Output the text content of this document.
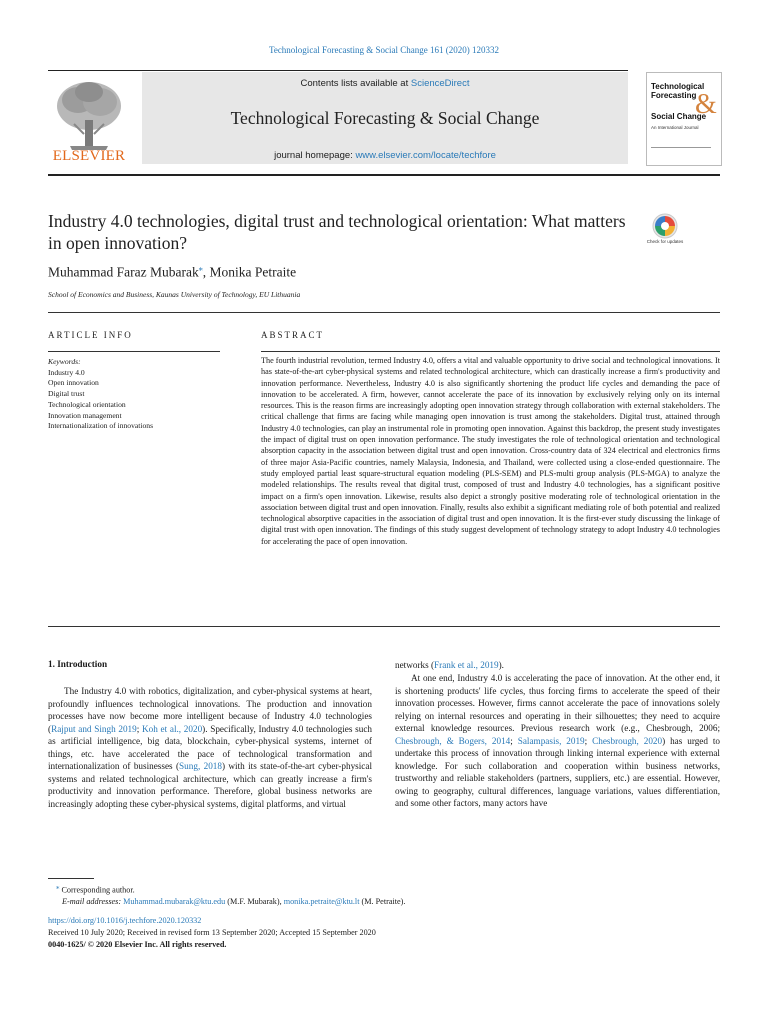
Technological Forecasting & Social Change 161 (2020) 120332
ELSEVIER
Contents lists available at ScienceDirect
Technological Forecasting & Social Change
journal homepage: www.elsevier.com/locate/techfore
Technological
Forecasting
&
Social Change
An International Journal
Industry 4.0 technologies, digital trust and technological orientation: What matters in open innovation?	Check for updates
Muhammad Faraz Mubarak⁎, Monika Petraite
School of Economics and Business, Kaunas University of Technology, EU Lithuania
ARTICLE INFO	ABSTRACT
Keywords:
Industry 4.0
Open innovation
Digital trust
Technological orientation
Innovation management
Internationalization of innovations

The fourth industrial revolution, termed Industry 4.0, offers a vital and valuable opportunity to drive social and technological innovations. It has state-of-the-art cyber-physical systems and related technological architecture, which can drastically increase a firm's productivity and innovation performance. Nevertheless, Industry 4.0 is also significantly shortening the product life cycles and demanding the pace of innovation to be accelerated. A firm, however, cannot accelerate the pace of its innovation by exclusively relying only on its internal resources. This is the reason firms are increasingly adopting open innovation strategy through collaboration with external stakeholders. The critical challenge that firms are facing while managing open innovation is trust among the stakeholders. Digital trust, attained through Industry 4.0 technologies, can play an instrumental role in promoting open innovation. Against this backdrop, the present study investigates the impact of digital trust on open innovation performance. The study investigates the role of technological orientation and technological absorption capacity in the association between digital trust and open innovation. Cross-country data of 324 electrical and electronics firms of three major Asia-Pacific countries, namely Malaysia, Indonesia, and Thailand, were collected using a close-ended questionnaire. The study employed partial least square-structural equation modeling (PLS-SEM) and PLS-multi group analysis (PLS-MGA) to analyze the modeled relationships. The results reveal that digital trust, composed of trust and Industry 4.0 technologies, has a significant positive impact on a firm's open innovation. Likewise, results also depict a strongly positive moderating role of technological orientation in the association between digital trust and open innovation. Finally, results also exhibit a significant mediating role of both potential and realized technological absorptive capacities in the association of digital trust and open innovation. It is the first-ever study discussing the linkage of digital trust with open innovation. The findings of this study suggest development of technology strategy to adopt Industry 4.0 technologies for accelerating the pace of open innovation.

1. Introduction

The Industry 4.0 with robotics, digitalization, and cyber-physical systems at heart, profoundly influences technological innovations. The production and innovation processes have now become more intelligent because of Industry 4.0 technologies (Rajput and Singh 2019; Koh et al., 2020). Specifically, Industry 4.0 technologies such as artificial intelligence, big data, blockchain, cyber-physical systems, internet of things, etc. have accelerated the pace of technological transformation and internationalization of businesses (Sung, 2018) with its state-of-the-art cyber-physical systems and related technological architecture, which can greatly increase a firm's productivity and innovation performance. Therefore, global business networks are increasingly adopting these cyber-physical systems, digital platforms, and virtual

networks (Frank et al., 2019).

At one end, Industry 4.0 is accelerating the pace of innovation. At the other end, it is shortening products' life cycles, thus forcing firms to accelerate the speed of their innovation processes. However, firms cannot accelerate the pace of innovations solely relying on internal resources and operating in their silhouettes; they need to acquire external knowledge resources. Previous research work (e.g., Chesbrough, 2006; Chesbrough, & Bogers, 2014; Salampasis, 2019; Chesbrough, 2020) has urged to undertake this process of innovation through linking internal experience with external knowledge. For such collaboration and cooperation within business networks, trustworthy and reliable stakeholders (partners, suppliers, etc.) are essential. However, owing to geography, cultural differences, language variations, values differentiation, and some other factors, many actors have

⁎ Corresponding author.
E-mail addresses: Muhammad.mubarak@ktu.edu (M.F. Mubarak), monika.petraite@ktu.lt (M. Petraite).
https://doi.org/10.1016/j.techfore.2020.120332
Received 10 July 2020; Received in revised form 13 September 2020; Accepted 15 September 2020
0040-1625/ © 2020 Elsevier Inc. All rights reserved.
